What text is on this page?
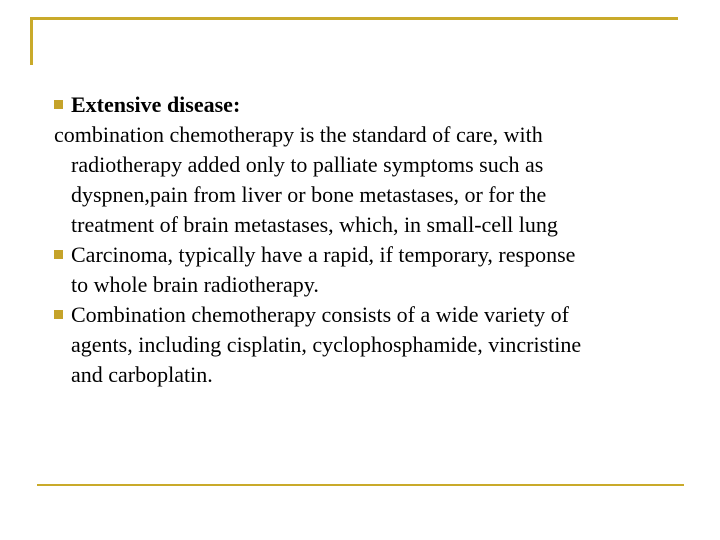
Extensive disease:
combination chemotherapy is the standard of care, with
radiotherapy added only to palliate symptoms such as
dyspnen,pain from liver or bone metastases, or for the
treatment of brain metastases, which, in small-cell lung
Carcinoma, typically have a rapid, if temporary, response
to whole brain radiotherapy.
Combination chemotherapy consists of a wide variety of
agents, including cisplatin, cyclophosphamide, vincristine
and carboplatin.
